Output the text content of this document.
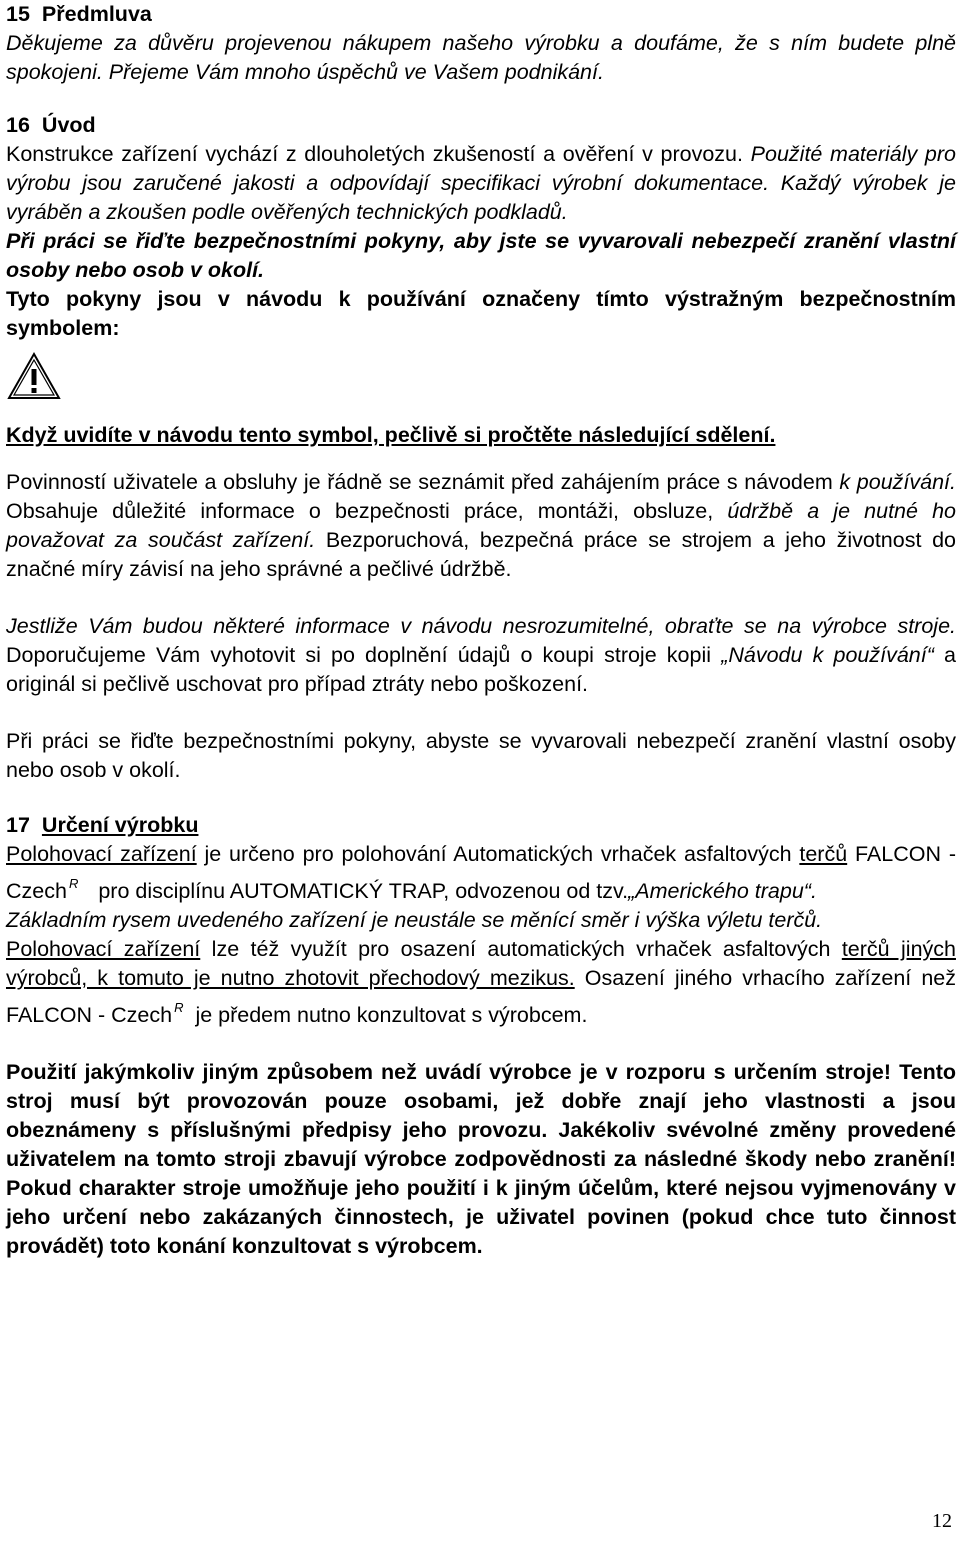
15 Předmluva

Děkujeme za důvěru projevenou nákupem našeho výrobku a doufáme, že s ním budete plně spokojeni. Přejeme Vám mnoho úspěchů ve Vašem podnikání.

16 Úvod

Konstrukce zařízení vychází z dlouholetých zkušeností a ověření v provozu. Použité materiály pro výrobu jsou zaručené jakosti a odpovídají specifikaci výrobní dokumentace. Každý výrobek je vyráběn a zkoušen podle ověřených technických podkladů.

Při práci se řiďte bezpečnostními pokyny, aby jste se vyvarovali nebezpečí zranění vlastní osoby nebo osob v okolí.

Tyto pokyny jsou v návodu k používání označeny tímto výstražným bezpečnostním symbolem:

Když uvidíte v návodu tento symbol, pečlivě si pročtěte následující sdělení.

Povinností uživatele a obsluhy je řádně se seznámit před zahájením práce s návodem k používání. Obsahuje důležité informace o bezpečnosti práce, montáži, obsluze, údržbě a je nutné ho považovat za součást zařízení. Bezporuchová, bezpečná práce se strojem a jeho životnost do značné míry závisí na jeho správné a pečlivé údržbě.

Jestliže Vám budou některé informace v návodu nesrozumitelné, obraťte se na výrobce stroje. Doporučujeme Vám vyhotovit si po doplnění údajů o koupi stroje kopii „Návodu k používání“ a originál si pečlivě uschovat pro případ ztráty nebo poškození.

Při práci se řiďte bezpečnostními pokyny, abyste se vyvarovali nebezpečí zranění vlastní osoby nebo osob v okolí.

17 Určení výrobku

Polohovací zařízení je určeno pro polohování Automatických vrhaček asfaltových terčů FALCON - Czech $^R$ pro disciplínu AUTOMATICKÝ TRAP, odvozenou od tzv.„Amerického trapu“.

Základním rysem uvedeného zařízení je neustále se měnící směr i výška výletu terčů.

Polohovací zařízení lze též využít pro osazení automatických vrhaček asfaltových terčů jiných výrobců, k tomuto je nutno zhotovit přechodový mezikus. Osazení jiného vrhacího zařízení než FALCON - Czech $^R$ je předem nutno konzultovat s výrobcem.

Použití jakýmkoliv jiným způsobem než uvádí výrobce je v rozporu s určením stroje! Tento stroj musí být provozován pouze osobami, jež dobře znají jeho vlastnosti a jsou obeznámeny s příslušnými předpisy jeho provozu. Jakékoliv svévolné změny provedené uživatelem na tomto stroji zbavují výrobce zodpovědnosti za následné škody nebo zranění! Pokud charakter stroje umožňuje jeho použití i k jiným účelům, které nejsou vyjmenovány v jeho určení nebo zakázaných činnostech, je uživatel povinen (pokud chce tuto činnost provádět) toto konání konzultovat s výrobcem.

12
